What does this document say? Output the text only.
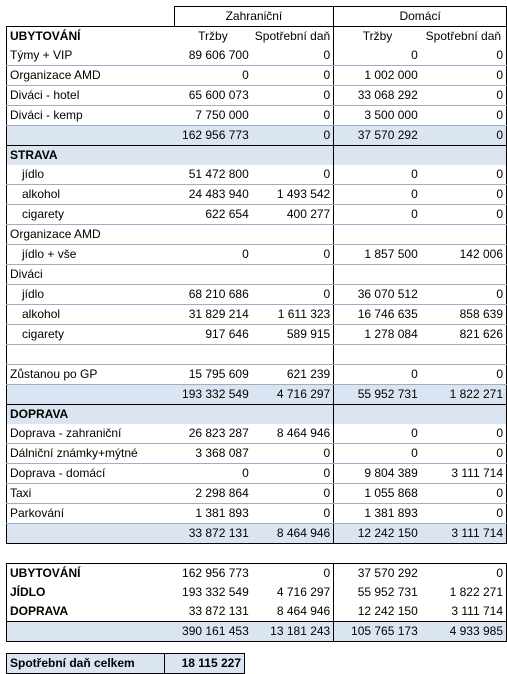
	Zahraniční		Domácí	
UBYTOVÁNÍ	Tržby	Spotřební daň	Tržby	Spotřební daň
Týmy + VIP	89 606 700	0	0	0
Organizace AMD	0	0	1 002 000	0
Diváci - hotel	65 600 073	0	33 068 292	0
Diváci - kemp	7 750 000	0	3 500 000	0
	162 956 773	0	37 570 292	0
STRAVA				
jídlo	51 472 800	0	0	0
alkohol	24 483 940	1 493 542	0	0
cigarety	622 654	400 277	0	0
Organizace AMD				
jídlo + vše	0	0	1 857 500	142 006
Diváci				
jídlo	68 210 686	0	36 070 512	0
alkohol	31 829 214	1 611 323	16 746 635	858 639
cigarety	917 646	589 915	1 278 084	821 626

Zůstanou po GP	15 795 609	621 239	0	0
	193 332 549	4 716 297	55 952 731	1 822 271
DOPRAVA				
Doprava - zahraniční	26 823 287	8 464 946	0	0
Dálniční známky+mýtné	3 368 087	0	0	0
Doprava - domácí	0	0	9 804 389	3 111 714
Taxi	2 298 864	0	1 055 868	0
Parkování	1 381 893	0	1 381 893	0
	33 872 131	8 464 946	12 242 150	3 111 714

UBYTOVÁNÍ	162 956 773	0	37 570 292	0
JÍDLO	193 332 549	4 716 297	55 952 731	1 822 271
DOPRAVA	33 872 131	8 464 946	12 242 150	3 111 714
	390 161 453	13 181 243	105 765 173	4 933 985
Spotřební daň celkem	18 115 227
